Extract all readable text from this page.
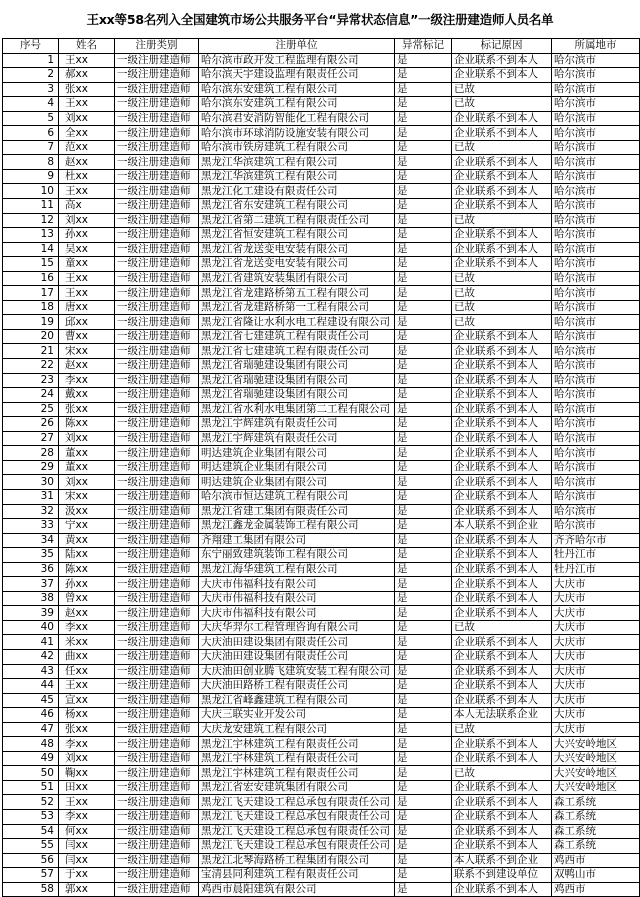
王xx等58名列入全国建筑市场公共服务平台“异常状态信息”一级注册建造师人员名单
序号	姓名	注册类别	注册单位	异常标记	标记原因	所属地市
1	王xx	一级注册建造师	哈尔滨市政开发工程监理有限公司	是	企业联系不到本人	哈尔滨市
2	郝xx	一级注册建造师	哈尔滨天宇建设监理有限责任公司	是	企业联系不到本人	哈尔滨市
3	张xx	一级注册建造师	哈尔滨东安建筑工程有限公司	是	已故	哈尔滨市
4	王xx	一级注册建造师	哈尔滨东安建筑工程有限公司	是	已故	哈尔滨市
5	刘xx	一级注册建造师	哈尔滨君安消防智能化工程有限公司	是	企业联系不到本人	哈尔滨市
6	全xx	一级注册建造师	哈尔滨市环球消防设施安装有限公司	是	企业联系不到本人	哈尔滨市
7	范xx	一级注册建造师	哈尔滨市铁房建筑工程有限公司	是	已故	哈尔滨市
8	赵xx	一级注册建造师	黑龙江华滨建筑工程有限公司	是	企业联系不到本人	哈尔滨市
9	杜xx	一级注册建造师	黑龙江华滨建筑工程有限公司	是	企业联系不到本人	哈尔滨市
10	王xx	一级注册建造师	黑龙江化工建设有限责任公司	是	企业联系不到本人	哈尔滨市
11	高x	一级注册建造师	黑龙江省东安建筑工程有限公司	是	企业联系不到本人	哈尔滨市
12	刘xx	一级注册建造师	黑龙江省第二建筑工程有限责任公司	是	已故	哈尔滨市
13	孙xx	一级注册建造师	黑龙江省恒安建筑工程有限公司	是	企业联系不到本人	哈尔滨市
14	吴xx	一级注册建造师	黑龙江省龙送变电安装有限公司	是	企业联系不到本人	哈尔滨市
15	童xx	一级注册建造师	黑龙江省龙送变电安装有限公司	是	企业联系不到本人	哈尔滨市
16	王xx	一级注册建造师	黑龙江省建筑安装集团有限公司	是	已故	哈尔滨市
17	王xx	一级注册建造师	黑龙江省龙建路桥第五工程有限公司	是	已故	哈尔滨市
18	唐xx	一级注册建造师	黑龙江省龙建路桥第一工程有限公司	是	已故	哈尔滨市
19	邱xx	一级注册建造师	黑龙江省隆让水利水电工程建设有限公司	是	已故	哈尔滨市
20	曹xx	一级注册建造师	黑龙江省七建建筑工程有限责任公司	是	企业联系不到本人	哈尔滨市
21	宋xx	一级注册建造师	黑龙江省七建建筑工程有限责任公司	是	企业联系不到本人	哈尔滨市
22	赵xx	一级注册建造师	黑龙江省瑞驰建设集团有限公司	是	企业联系不到本人	哈尔滨市
23	李xx	一级注册建造师	黑龙江省瑞驰建设集团有限公司	是	企业联系不到本人	哈尔滨市
24	戴xx	一级注册建造师	黑龙江省瑞驰建设集团有限公司	是	企业联系不到本人	哈尔滨市
25	张xx	一级注册建造师	黑龙江省水利水电集团第二工程有限公司	是	企业联系不到本人	哈尔滨市
26	陈xx	一级注册建造师	黑龙江宇辉建筑有限责任公司	是	企业联系不到本人	哈尔滨市
27	刘xx	一级注册建造师	黑龙江宇辉建筑有限责任公司	是	企业联系不到本人	哈尔滨市
28	董xx	一级注册建造师	明达建筑企业集团有限公司	是	企业联系不到本人	哈尔滨市
29	董xx	一级注册建造师	明达建筑企业集团有限公司	是	企业联系不到本人	哈尔滨市
30	刘xx	一级注册建造师	明达建筑企业集团有限公司	是	企业联系不到本人	哈尔滨市
31	宋xx	一级注册建造师	哈尔滨市恒达建筑工程有限公司	是	企业联系不到本人	哈尔滨市
32	汲xx	一级注册建造师	黑龙江省建工集团有限责任公司	是	企业联系不到本人	哈尔滨市
33	宁xx	一级注册建造师	黑龙江鑫龙金属装饰工程有限公司	是	本人联系不到企业	哈尔滨市
34	黄xx	一级注册建造师	齐翔建工集团有限公司	是	企业联系不到本人	齐齐哈尔市
35	陆xx	一级注册建造师	东宁丽致建筑装饰工程有限公司	是	企业联系不到本人	牡丹江市
36	陈xx	一级注册建造师	黑龙江海华建筑工程有限公司	是	企业联系不到本人	牡丹江市
37	孙xx	一级注册建造师	大庆市伟福科技有限公司	是	企业联系不到本人	大庆市
38	曾xx	一级注册建造师	大庆市伟福科技有限公司	是	企业联系不到本人	大庆市
39	赵xx	一级注册建造师	大庆市伟福科技有限公司	是	企业联系不到本人	大庆市
40	李xx	一级注册建造师	大庆华羿尔工程管理咨询有限公司	是	已故	大庆市
41	米xx	一级注册建造师	大庆油田建设集团有限责任公司	是	企业联系不到本人	大庆市
42	曲xx	一级注册建造师	大庆油田建设集团有限责任公司	是	企业联系不到本人	大庆市
43	任xx	一级注册建造师	大庆油田创业腾飞建筑安装工程有限公司	是	企业联系不到本人	大庆市
44	王xx	一级注册建造师	大庆油田路桥工程有限责任公司	是	企业联系不到本人	大庆市
45	宣xx	一级注册建造师	黑龙江省峰鑫建筑工程有限公司	是	企业联系不到本人	大庆市
46	杨xx	一级注册建造师	大庆三联实业开发公司	是	本人无法联系企业	大庆市
47	张xx	一级注册建造师	大庆龙安建筑工程有限公司	是	已故	大庆市
48	李xx	一级注册建造师	黑龙江宇林建筑工程有限责任公司	是	企业联系不到本人	大兴安岭地区
49	刘xx	一级注册建造师	黑龙江宇林建筑工程有限责任公司	是	企业联系不到本人	大兴安岭地区
50	鞠xx	一级注册建造师	黑龙江宇林建筑工程有限责任公司	是	已故	大兴安岭地区
51	田xx	一级注册建造师	黑龙江省宏安建筑集团有限公司	是	企业联系不到本人	大兴安岭地区
52	王xx	一级注册建造师	黑龙江飞天建设工程总承包有限责任公司	是	企业联系不到本人	森工系统
53	李xx	一级注册建造师	黑龙江飞天建设工程总承包有限责任公司	是	企业联系不到本人	森工系统
54	何xx	一级注册建造师	黑龙江飞天建设工程总承包有限责任公司	是	企业联系不到本人	森工系统
55	闫xx	一级注册建造师	黑龙江飞天建设工程总承包有限责任公司	是	企业联系不到本人	森工系统
56	闫xx	一级注册建造师	黑龙江北琴海路桥工程集团有限公司	是	本人联系不到企业	鸡西市
57	于xx	一级注册建造师	宝清县同利建筑工程有限责任公司	是	联系不到建设单位	双鸭山市
58	郭xx	一级注册建造师	鸡西市晨阳建筑有限公司	是	企业联系不到本人	鸡西市
